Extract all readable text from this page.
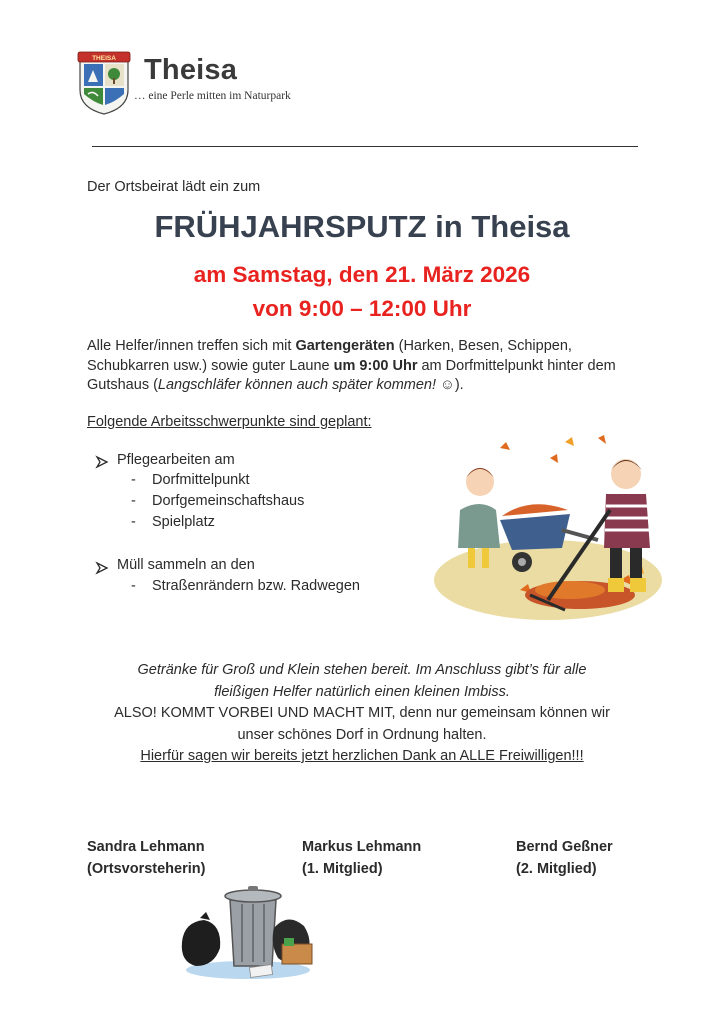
THEISA Theisa
… eine Perle mitten im Naturpark
Der Ortsbeirat lädt ein zum
FRÜHJAHRSPUTZ in Theisa
am Samstag, den 21. März 2026
von 9:00 – 12:00 Uhr
Alle Helfer/innen treffen sich mit Gartengeräten (Harken, Besen, Schippen, Schubkarren usw.) sowie guter Laune um 9:00 Uhr am Dorfmittelpunkt hinter dem Gutshaus (Langschläfer können auch später kommen! ☺).
Folgende Arbeitsschwerpunkte sind geplant:
Pflegearbeiten am
- Dorfmittelpunkt
- Dorfgemeinschaftshaus
- Spielplatz
Müll sammeln an den
- Straßenrändern bzw. Radwegen
Getränke für Groß und Klein stehen bereit. Im Anschluss gibt’s für alle
fleißigen Helfer natürlich einen kleinen Imbiss.
ALSO! KOMMT VORBEI UND MACHT MIT, denn nur gemeinsam können wir
unser schönes Dorf in Ordnung halten.
Hierfür sagen wir bereits jetzt herzlichen Dank an ALLE Freiwilligen!!!
Sandra Lehmann
(Ortsvorsteherin)
Markus Lehmann
(1. Mitglied)
Bernd Geßner
(2. Mitglied)
